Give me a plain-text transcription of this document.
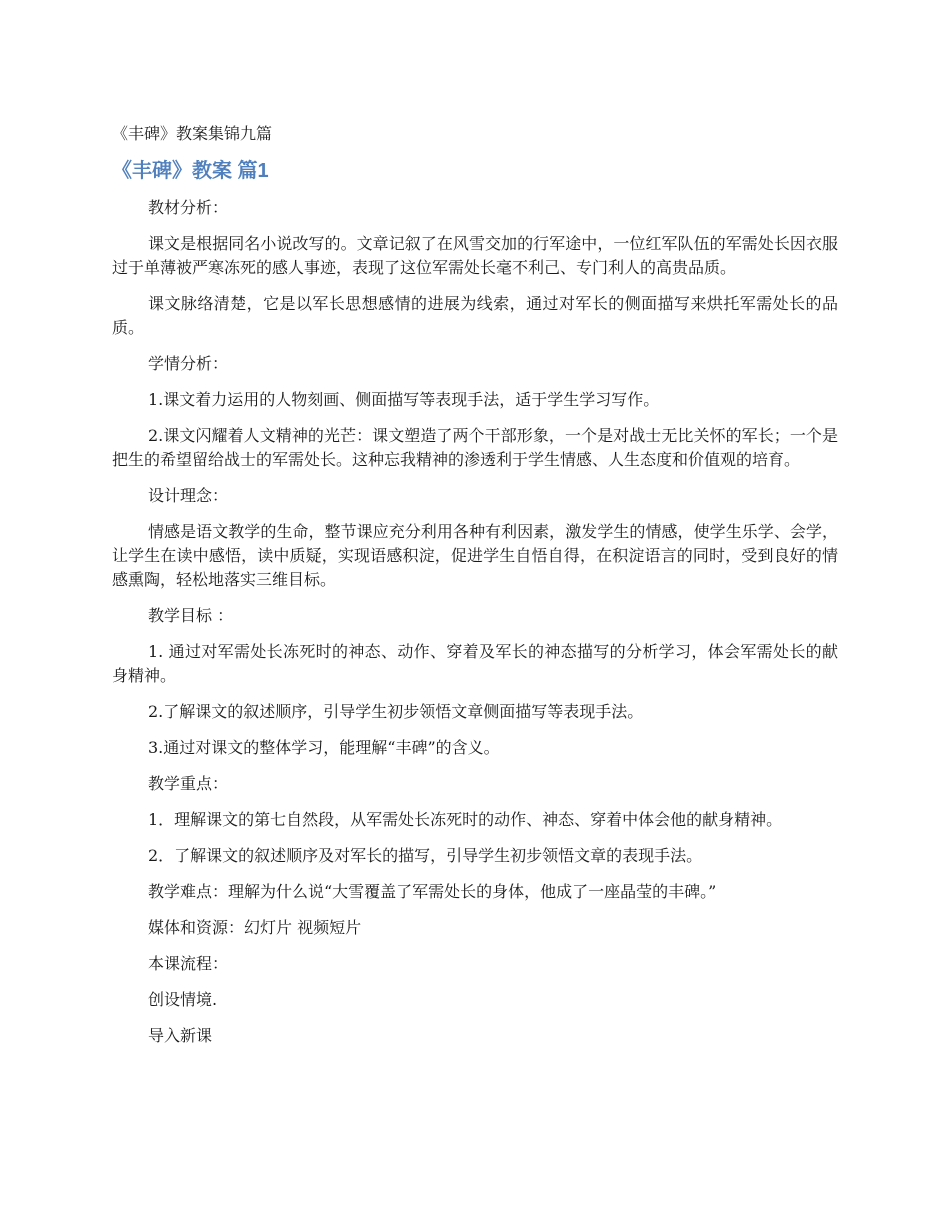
《丰碑》教案集锦九篇
《丰碑》教案 篇1

教材分析：

课文是根据同名小说改写的。文章记叙了在风雪交加的行军途中，一位红军队伍的军需处长因衣服过于单薄被严寒冻死的感人事迹，表现了这位军需处长毫不利己、专门利人的高贵品质。

课文脉络清楚，它是以军长思想感情的进展为线索，通过对军长的侧面描写来烘托军需处长的品质。

学情分析：

1.课文着力运用的人物刻画、侧面描写等表现手法，适于学生学习写作。

2.课文闪耀着人文精神的光芒：课文塑造了两个干部形象，一个是对战士无比关怀的军长；一个是把生的希望留给战士的军需处长。这种忘我精神的渗透利于学生情感、人生态度和价值观的培育。

设计理念：

情感是语文教学的生命，整节课应充分利用各种有利因素，激发学生的情感，使学生乐学、会学，让学生在读中感悟，读中质疑，实现语感积淀，促进学生自悟自得，在积淀语言的同时，受到良好的情感熏陶，轻松地落实三维目标。

教学目标 ：

1. 通过对军需处长冻死时的神态、动作、穿着及军长的神态描写的分析学习，体会军需处长的献身精神。

2.了解课文的叙述顺序，引导学生初步领悟文章侧面描写等表现手法。

3.通过对课文的整体学习，能理解“丰碑”的含义。

教学重点：

1．理解课文的第七自然段，从军需处长冻死时的动作、神态、穿着中体会他的献身精神。

2．了解课文的叙述顺序及对军长的描写，引导学生初步领悟文章的表现手法。

教学难点：理解为什么说“大雪覆盖了军需处长的身体，他成了一座晶莹的丰碑。”

媒体和资源：幻灯片 视频短片

本课流程：

创设情境.

导入新课
